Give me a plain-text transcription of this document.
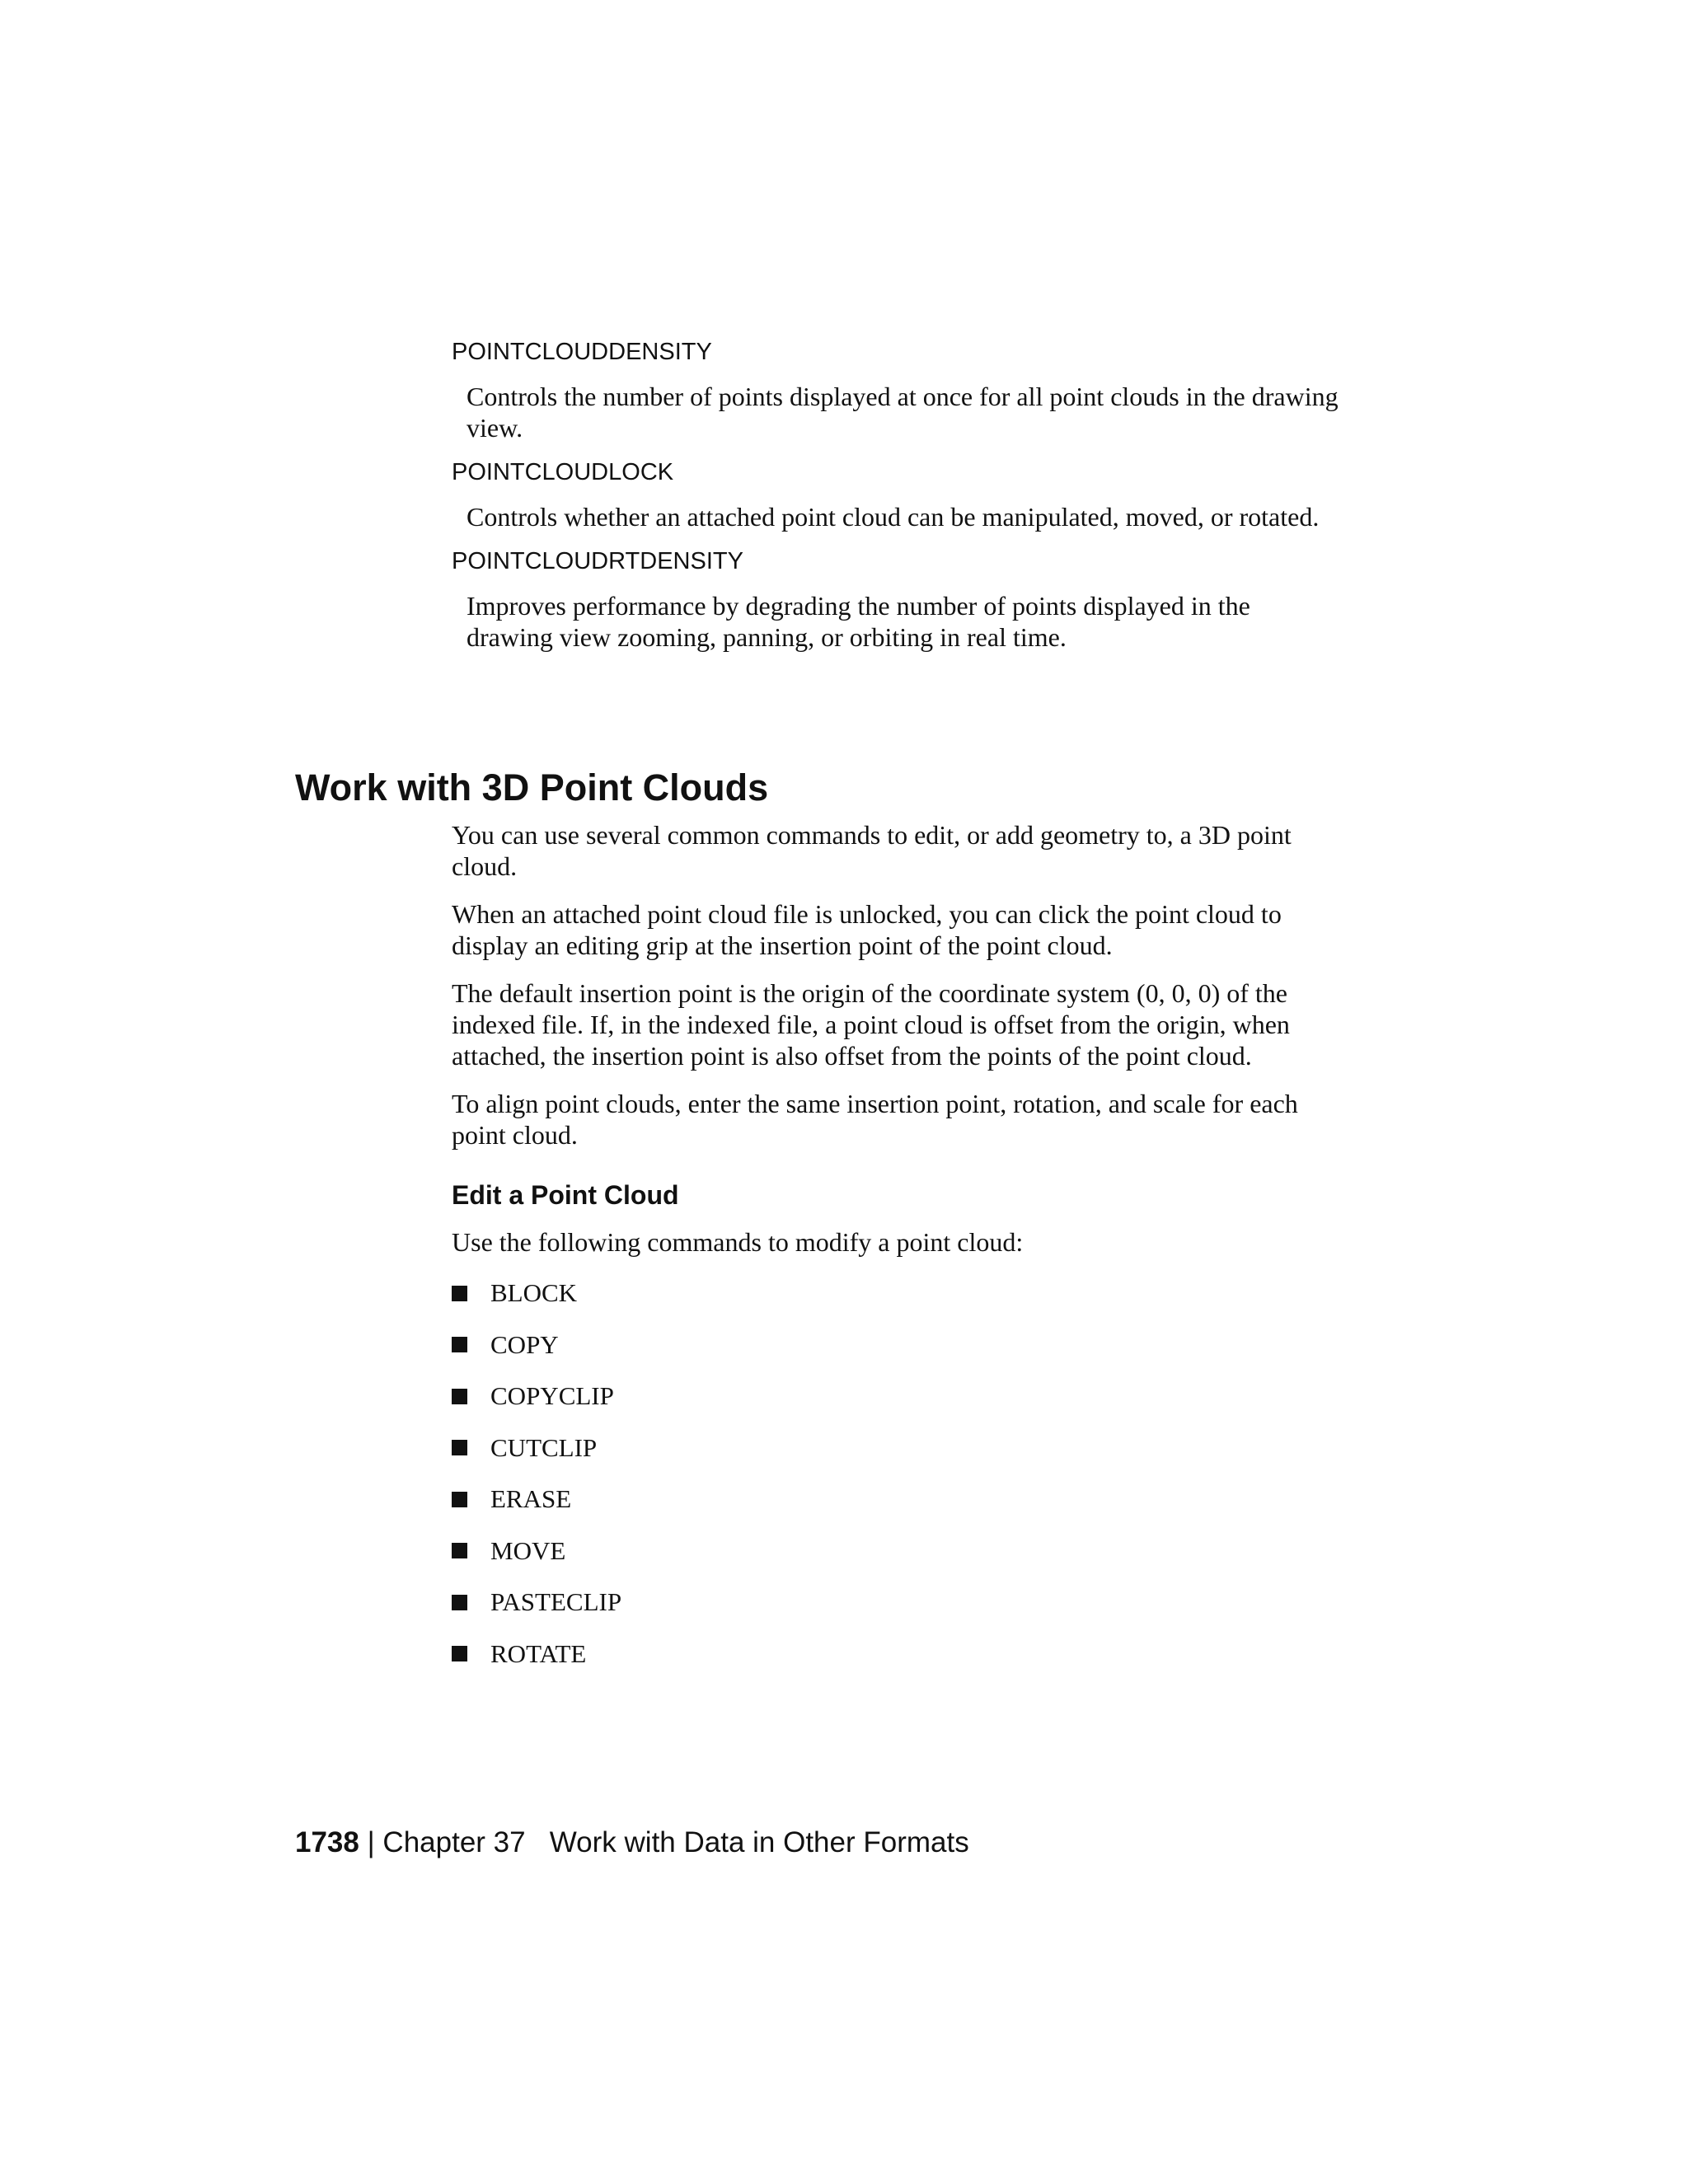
POINTCLOUDDENSITY

Controls the number of points displayed at once for all point clouds in the drawing view.

POINTCLOUDLOCK

Controls whether an attached point cloud can be manipulated, moved, or rotated.

POINTCLOUDRTDENSITY

Improves performance by degrading the number of points displayed in the drawing view zooming, panning, or orbiting in real time.

Work with 3D Point Clouds

You can use several common commands to edit, or add geometry to, a 3D point cloud.

When an attached point cloud file is unlocked, you can click the point cloud to display an editing grip at the insertion point of the point cloud.

The default insertion point is the origin of the coordinate system (0, 0, 0) of the indexed file. If, in the indexed file, a point cloud is offset from the origin, when attached, the insertion point is also offset from the points of the point cloud.

To align point clouds, enter the same insertion point, rotation, and scale for each point cloud.

Edit a Point Cloud

Use the following commands to modify a point cloud:

BLOCK
COPY
COPYCLIP
CUTCLIP
ERASE
MOVE
PASTECLIP
ROTATE
1738 | Chapter 37 Work with Data in Other Formats
